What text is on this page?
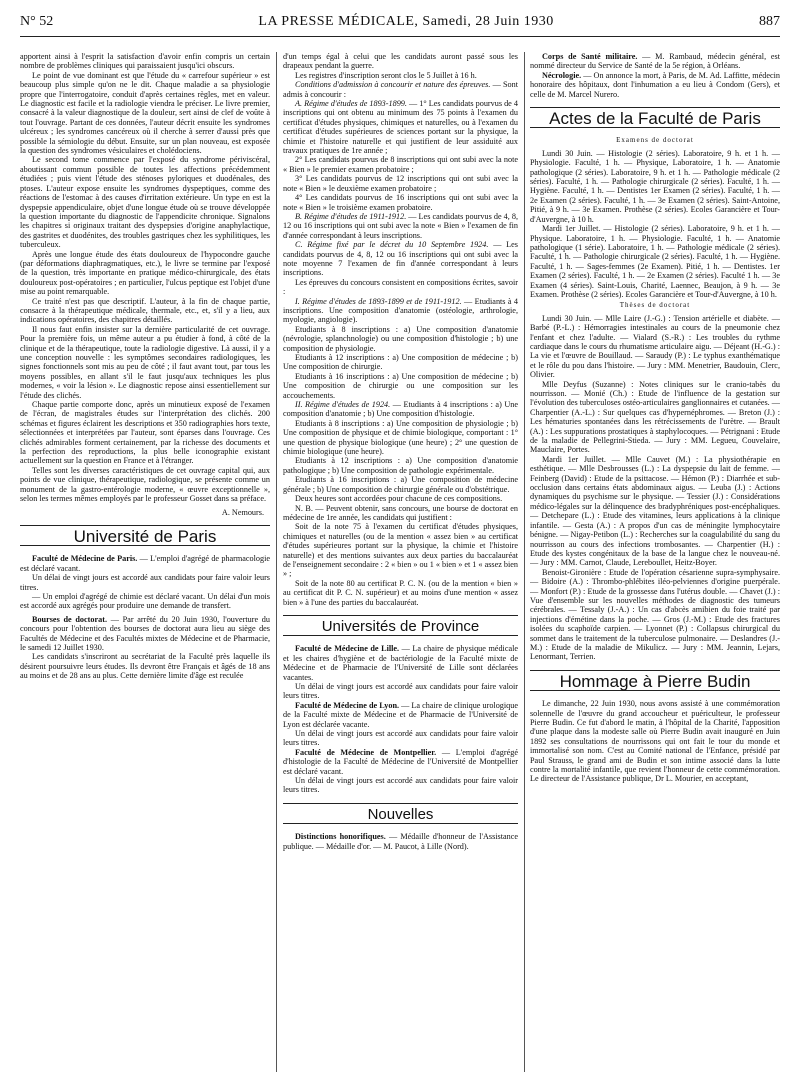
N° 52	LA PRESSE MÉDICALE, Samedi, 28 Juin 1930	887

apportent ainsi à l'esprit la satisfaction d'avoir enfin compris un certain nombre de problèmes cliniques qui paraissaient jusqu'ici obscurs.

Le point de vue dominant est que l'étude du « carrefour supérieur » est beaucoup plus simple qu'on ne le dit. Chaque maladie a sa physiologie propre que l'interrogatoire, conduit d'après certaines règles, met en valeur. Le diagnostic est facile et la radiologie viendra le préciser. Le livre premier, consacré à la valeur diagnostique de la douleur, sert ainsi de clef de voûte à tout l'ouvrage. Partant de ces données, l'auteur décrit ensuite les syndromes ulcéreux ; les syndromes cancéreux où il cherche à serrer d'aussi près que possible la sémiologie du début. Ensuite, sur un plan nouveau, est exposée la question des syndromes vésiculaires et cholédociens.

Le second tome commence par l'exposé du syndrome périviscéral, aboutissant commun possible de toutes les affections précédemment étudiées ; puis vient l'étude des sténoses pyloriques et duodénales, des ptoses. L'auteur expose ensuite les syndromes dyspeptiques, comme des réactions de l'estomac à des causes d'irritation extérieure. Un type en est la dyspepsie appendiculaire, objet d'une longue étude où se trouve développée la question importante du diagnostic de l'appendicite chronique. Signalons les chapitres si originaux traitant des dyspepsies d'origine anaphylactique, des gastrites et duodénites, des troubles gastriques chez les syphilitiques, les tuberculeux.

Après une longue étude des états douloureux de l'hypocondre gauche (par déformations diaphragmatiques, etc.), le livre se termine par l'exposé de la question, très importante en pratique médico-chirurgicale, des états douloureux post-opératoires ; en particulier, l'ulcus peptique est l'objet d'une mise au point remarquable.

Ce traité n'est pas que descriptif. L'auteur, à la fin de chaque partie, consacre à la thérapeutique médicale, thermale, etc., et, s'il y a lieu, aux indications opératoires, des chapitres détaillés.

Il nous faut enfin insister sur la dernière particularité de cet ouvrage. Pour la première fois, un même auteur a pu étudier à fond, à côté de la clinique et de la thérapeutique, toute la radiologie digestive. Là aussi, il y a une conception nouvelle : les symptômes secondaires radiologiques, les signes fonctionnels sont mis au peu de côté ; il faut avant tout, par tous les moyens possibles, en allant s'il le faut jusqu'aux techniques les plus modernes, « voir la lésion ». Le diagnostic repose ainsi essentiellement sur l'étude des clichés.

Chaque partie comporte donc, après un minutieux exposé de l'examen de l'écran, de magistrales études sur l'interprétation des clichés. 200 schémas et figures éclairent les descriptions et 350 radiographies hors texte, sélectionnées et interprétées par l'auteur, sont éparses dans l'ouvrage. Ces clichés admirables forment certainement, par la richesse des documents et la perfection des reproductions, la plus belle iconographie existant actuellement sur la question en France et à l'étranger.

Telles sont les diverses caractéristiques de cet ouvrage capital qui, aux points de vue clinique, thérapeutique, radiologique, se présente comme un monument de la gastro-entérologie moderne, « œuvre exceptionnelle », selon les termes mêmes employés par le professeur Gosset dans sa préface.

A. Nemours.
Université de Paris

Faculté de Médecine de Paris. — L'emploi d'agrégé de pharmacologie est déclaré vacant.

Un délai de vingt jours est accordé aux candidats pour faire valoir leurs titres.

— Un emploi d'agrégé de chimie est déclaré vacant. Un délai d'un mois est accordé aux agrégés pour produire une demande de transfert.

Bourses de doctorat. — Par arrêté du 20 Juin 1930, l'ouverture du concours pour l'obtention des bourses de doctorat aura lieu au siège des Facultés de Médecine et des Facultés mixtes de Médecine et de Pharmacie, le samedi 12 Juillet 1930.

Les candidats s'inscriront au secrétariat de la Faculté près laquelle ils désirent poursuivre leurs études. Ils devront être Français et âgés de 18 ans au moins et de 28 ans au plus. Cette dernière limite d'âge est reculée

d'un temps égal à celui que les candidats auront passé sous les drapeaux pendant la guerre.

Les registres d'inscription seront clos le 5 Juillet à 16 h.

Conditions d'admission à concourir et nature des épreuves. — Sont admis à concourir :

A. Régime d'études de 1893-1899. — 1° Les candidats pourvus de 4 inscriptions qui ont obtenu au minimum des 75 points à l'examen du certificat d'études physiques, chimiques et naturelles, ou à l'examen du certificat d'études supérieures de sciences portant sur la physique, la chimie et l'histoire naturelle et qui justifient de leur assiduité aux travaux pratiques de 1re année ;

2° Les candidats pourvus de 8 inscriptions qui ont subi avec la note « Bien » le premier examen probatoire ;

3° Les candidats pourvus de 12 inscriptions qui ont subi avec la note « Bien » le deuxième examen probatoire ;

4° Les candidats pourvus de 16 inscriptions qui ont subi avec la note « Bien » le troisième examen probatoire.

B. Régime d'études de 1911-1912. — Les candidats pourvus de 4, 8, 12 ou 16 inscriptions qui ont subi avec la note « Bien » l'examen de fin d'année correspondant à leurs inscriptions.

C. Régime fixé par le décret du 10 Septembre 1924. — Les candidats pourvus de 4, 8, 12 ou 16 inscriptions qui ont subi avec la note moyenne 7 l'examen de fin d'année correspondant à leurs inscriptions.

Les épreuves du concours consistent en compositions écrites, savoir :

I. Régime d'études de 1893-1899 et de 1911-1912. — Etudiants à 4 inscriptions. Une composition d'anatomie (ostéologie, arthrologie, myologie, angiologie).

Etudiants à 8 inscriptions : a) Une composition d'anatomie (névrologie, splanchnologie) ou une composition d'histologie ; b) une composition de physiologie.

Etudiants à 12 inscriptions : a) Une composition de médecine ; b) Une composition de chirurgie.

Etudiants à 16 inscriptions : a) Une composition de médecine ; b) Une composition de chirurgie ou une composition sur les accouchements.

II. Régime d'études de 1924. — Etudiants à 4 inscriptions : a) Une composition d'anatomie ; b) Une composition d'histologie.

Etudiants à 8 inscriptions : a) Une composition de physiologie ; b) Une composition de physique et de chimie biologique, comportant : 1° une question de physique biologique (une heure) ; 2° une question de chimie biologique (une heure).

Etudiants à 12 inscriptions : a) Une composition d'anatomie pathologique ; b) Une composition de pathologie expérimentale.

Etudiants à 16 inscriptions : a) Une composition de médecine générale ; b) Une composition de chirurgie générale ou d'obstétrique.

Deux heures sont accordées pour chacune de ces compositions.

N. B. — Peuvent obtenir, sans concours, une bourse de doctorat en médecine de 1re année, les candidats qui justifient :

Soit de la note 75 à l'examen du certificat d'études physiques, chimiques et naturelles (ou de la mention « assez bien » au certificat d'études supérieures portant sur la physique, la chimie et l'histoire naturelle) et des mentions suivantes aux deux parties du baccalauréat de l'enseignement secondaire : 2 « bien » ou 1 « bien » et 1 « assez bien » ;

Soit de la note 80 au certificat P. C. N. (ou de la mention « bien » au certificat dit P. C. N. supérieur) et au moins d'une mention « assez bien » à l'une des parties du baccalauréat.

Universités de Province

Faculté de Médecine de Lille. — La chaire de physique médicale et les chaires d'hygiène et de bactériologie de la Faculté mixte de Médecine et de Pharmacie de l'Université de Lille sont déclarées vacantes.

Un délai de vingt jours est accordé aux candidats pour faire valoir leurs titres.

Faculté de Médecine de Lyon. — La chaire de clinique urologique de la Faculté mixte de Médecine et de Pharmacie de l'Université de Lyon est déclarée vacante.

Un délai de vingt jours est accordé aux candidats pour faire valoir leurs titres.

Faculté de Médecine de Montpellier. — L'emploi d'agrégé d'histologie de la Faculté de Médecine de l'Université de Montpellier est déclaré vacant.

Un délai de vingt jours est accordé aux candidats pour faire valoir leurs titres.

Nouvelles

Distinctions honorifiques. — Médaille d'honneur de l'Assistance publique. — Médaille d'or. — M. Paucot, à Lille (Nord).

Corps de Santé militaire. — M. Rambaud, médecin général, est nommé directeur du Service de Santé de la 5e région, à Orléans.

Nécrologie. — On annonce la mort, à Paris, de M. Ad. Laffitte, médecin honoraire des hôpitaux, dont l'inhumation a eu lieu à Condom (Gers), et celle de M. Marcel Nurero.

Actes de la Faculté de Paris
Examens de doctorat

Lundi 30 Juin. — Histologie (2 séries). Laboratoire, 9 h. et 1 h. — Physiologie. Faculté, 1 h. — Physique, Laboratoire, 1 h. — Anatomie pathologique (2 séries). Laboratoire, 9 h. et 1 h. — Pathologie médicale (2 séries). Faculté, 1 h. — Pathologie chirurgicale (2 séries). Faculté, 1 h. — Hygiène. Faculté, 1 h. — Dentistes 1er Examen (2 séries). Faculté, 1 h. — 2e Examen (2 séries). Faculté, 1 h. — 3e Examen (2 séries). Saint-Antoine, Pitié, à 9 h. — 3e Examen. Prothèse (2 séries). Ecoles Garancière et Tour-d'Auvergne, à 10 h.

Mardi 1er Juillet. — Histologie (2 séries). Laboratoire, 9 h. et 1 h. — Physique. Laboratoire, 1 h. — Physiologie. Faculté, 1 h. — Anatomie pathologique (1 série). Laboratoire, 1 h. — Pathologie médicale (2 séries). Faculté, 1 h. — Pathologie chirurgicale (2 séries). Faculté, 1 h. — Hygiène. Faculté, 1 h. — Sages-femmes (2e Examen). Pitié, 1 h. — Dentistes. 1er Examen (2 séries). Faculté, 1 h. — 2e Examen (2 séries). Faculté 1 h. — 3e Examen (4 séries). Saint-Louis, Charité, Laennec, Beaujon, à 9 h. — 3e Examen. Prothèse (2 séries). Ecoles Garancière et Tour-d'Auvergne, à 10 h.

Thèses de doctorat

Lundi 30 Juin. — Mlle Laire (J.-G.) : Tension artérielle et diabète. — Barbé (P.-L.) : Hémorragies intestinales au cours de la pneumonie chez l'enfant et chez l'adulte. — Vialard (S.-R.) : Les troubles du rythme cardiaque dans le cours du rhumatisme articulaire aigu. — Déjeant (H.-G.) : La vie et l'œuvre de Bouillaud. — Saraudy (P.) : Le typhus exanthématique et le rôle du pou dans l'histoire. — Jury : MM. Menetrier, Baudouin, Clerc, Olivier.

Mlle Deyfus (Suzanne) : Notes cliniques sur le cranio-tabès du nourrisson. — Monié (Ch.) : Etude de l'influence de la gestation sur l'évolution des tuberculoses ostéo-articulaires ganglionnaires et cutanées. — Charpentier (A.-L.) : Sur quelques cas d'hypernéphromes. — Breton (J.) : Les hématuries spontanées dans les rétrécissements de l'urètre. — Brault (A.) : Les suppurations prostatiques à staphylocoques. — Pétrignani : Etude de la maladie de Pellegrini-Stieda. — Jury : MM. Legueu, Couvelaire, Mauclaire, Portes.

Mardi 1er Juillet. — Mlle Cauvet (M.) : La physiothérapie en esthétique. — Mlle Desbrousses (L.) : La dyspepsie du lait de femme. — Feinberg (David) : Etude de la psittacose. — Hémon (P.) : Diarrhée et sub-occlusion dans certains états abdominaux aigus. — Leuba (J.) : Actions dynamiques du psychisme sur le physique. — Tessier (J.) : Considérations médico-légales sur la délinquence des bradyphréniques post-encéphaliques. — Detchepare (L.) : Etude des vitamines, leurs applications à la clinique infantile. — Gesta (A.) : A propos d'un cas de méningite lymphocytaire bénigne. — Nigay-Petibon (L.) : Recherches sur la coagulabilité du sang du nourrisson au cours des infections trombosantes. — Charpentier (H.) : Etude des kystes congénitaux de la base de la langue chez le nouveau-né. — Jury : MM. Carnot, Claude, Lereboullet, Heitz-Boyer.

Benoist-Gironière : Etude de l'opération césarienne supra-symphysaire. — Bidoire (A.) : Thrombo-phlébites iléo-pelviennes d'origine puerpérale. — Monfort (P.) : Etude de la grossesse dans l'utérus double. — Chavet (J.) : Vue d'ensemble sur les nouvelles méthodes de diagnostic des tumeurs cérébrales. — Tessaly (J.-A.) : Un cas d'abcès amibien du foie traité par injections d'émétine dans la poche. — Gros (J.-M.) : Etude des fractures isolées du scaphoïde carpien. — Lyonnet (P.) : Collapsus chirurgical du sommet dans le traitement de la tuberculose pulmonaire. — Deslandres (J.-M.) : Etude de la maladie de Mikulicz. — Jury : MM. Jeannin, Lejars, Lenormant, Terrien.

Hommage à Pierre Budin

Le dimanche, 22 Juin 1930, nous avons assisté à une commémoration solennelle de l'œuvre du grand accoucheur et puériculteur, le professeur Pierre Budin. Ce fut d'abord le matin, à l'hôpital de la Charité, l'apposition d'une plaque dans la modeste salle où Pierre Budin avait inauguré en Juin 1892 ses consultations de nourrissons qui ont fait le tour du monde et immortalisé son nom. C'est au Comité national de l'Enfance, présidé par Paul Strauss, le grand ami de Budin et son intime associé dans la lutte contre la mortalité infantile, que revient l'honneur de cette commémoration. Le directeur de l'Assistance publique, Dr L. Mourier, en acceptant,
